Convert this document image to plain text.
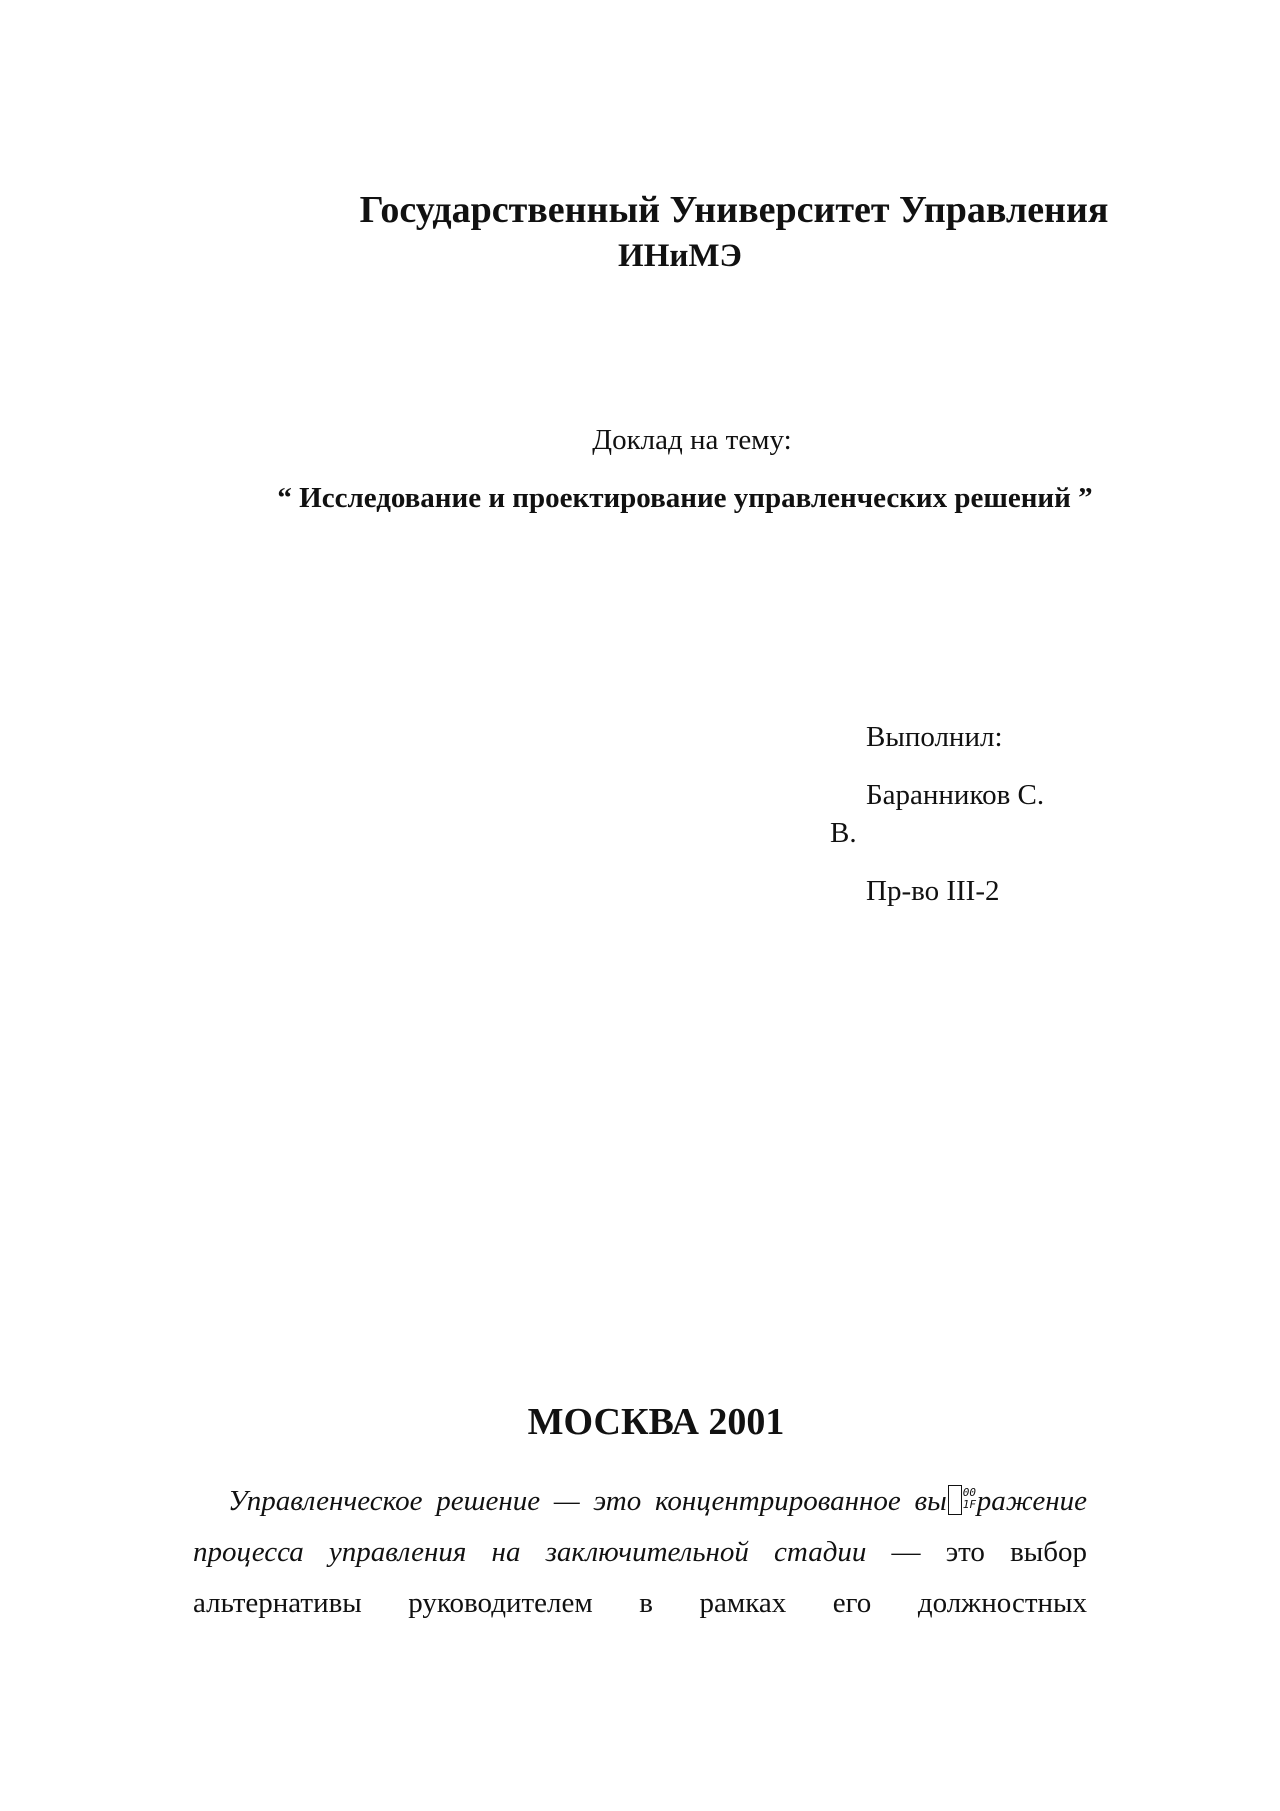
Государственный Университет Управления
ИНиМЭ
Доклад на тему:
“ Исследование и проектирование управленческих решений ”
Выполнил:
Баранников С.
В.
Пр-во III-2
МОСКВА 2001
Управленческое решение — это концентрированное вы 00
1Fражение процесса управления на заключительной стадии — это выбор альтернативы руководителем в рамках его должностных
